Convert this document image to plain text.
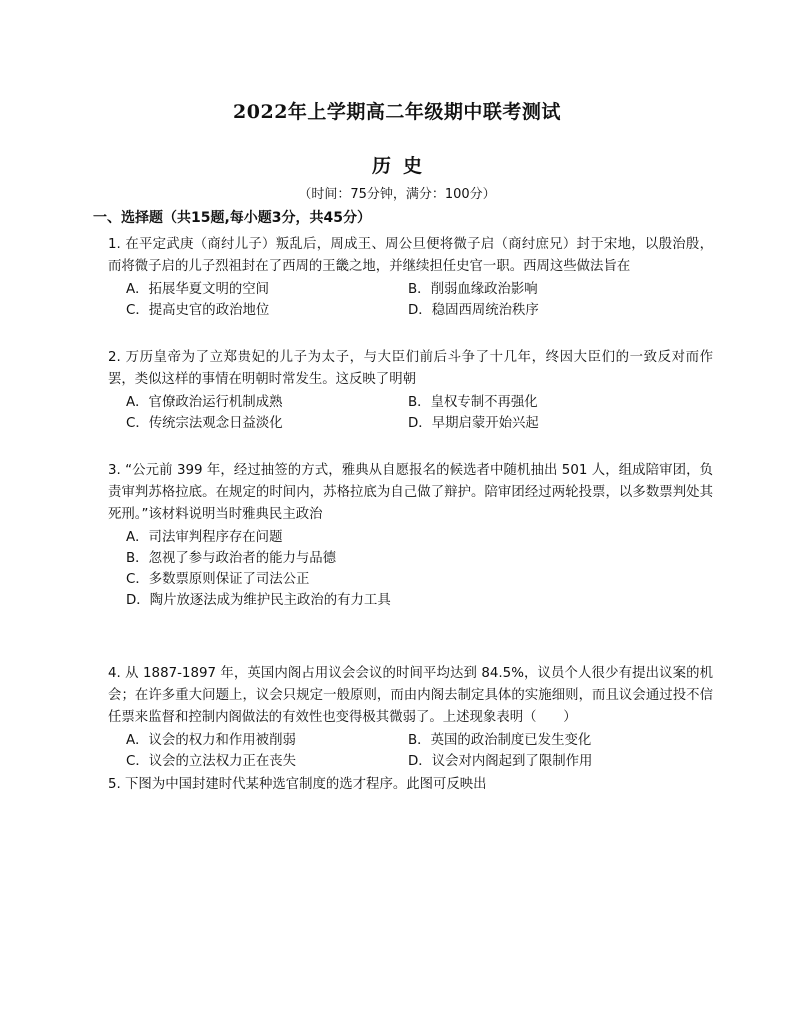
2022年上学期高二年级期中联考测试
历史
（时间：75分钟，满分：100分）
一、选择题（共15题,每小题3分，共45分）
1. 在平定武庚（商纣儿子）叛乱后，周成王、周公旦便将微子启（商纣庶兄）封于宋地，以殷治殷，而将微子启的儿子烈祖封在了西周的王畿之地，并继续担任史官一职。西周这些做法旨在
A．拓展华夏文明的空间	B．削弱血缘政治影响
C．提高史官的政治地位	D．稳固西周统治秩序
2. 万历皇帝为了立郑贵妃的儿子为太子，与大臣们前后斗争了十几年，终因大臣们的一致反对而作罢，类似这样的事情在明朝时常发生。这反映了明朝
A．官僚政治运行机制成熟	B．皇权专制不再强化
C．传统宗法观念日益淡化	D．早期启蒙开始兴起
3. “公元前 399 年，经过抽签的方式，雅典从自愿报名的候选者中随机抽出 501 人，组成陪审团，负责审判苏格拉底。在规定的时间内，苏格拉底为自己做了辩护。陪审团经过两轮投票，以多数票判处其死刑。”该材料说明当时雅典民主政治
A．司法审判程序存在问题
B．忽视了参与政治者的能力与品德
C．多数票原则保证了司法公正
D．陶片放逐法成为维护民主政治的有力工具
4. 从 1887-1897 年，英国内阁占用议会会议的时间平均达到 84.5%，议员个人很少有提出议案的机会；在许多重大问题上，议会只规定一般原则，而由内阁去制定具体的实施细则，而且议会通过投不信任票来监督和控制内阁做法的有效性也变得极其微弱了。上述现象表明（　　）
A．议会的权力和作用被削弱	B．英国的政治制度已发生变化
C．议会的立法权力正在丧失	D．议会对内阁起到了限制作用
5. 下图为中国封建时代某种选官制度的选才程序。此图可反映出
